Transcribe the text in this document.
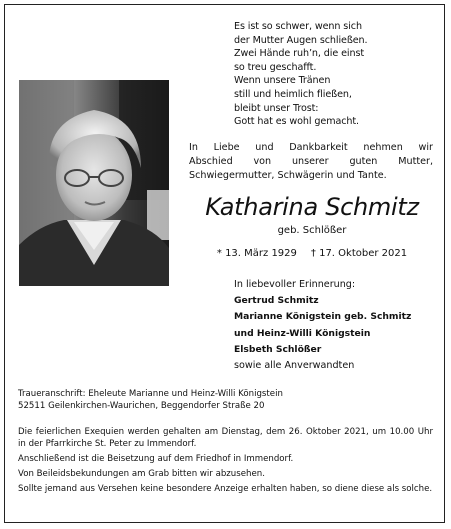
Es ist so schwer, wenn sich
der Mutter Augen schließen.
Zwei Hände ruh’n, die einst
so treu geschafft.
Wenn unsere Tränen
still und heimlich fließen,
bleibt unser Trost:
Gott hat es wohl gemacht.
In Liebe und Dankbarkeit nehmen wir
Abschied von unserer guten Mutter,
Schwiegermutter, Schwägerin und Tante.
Katharina Schmitz
geb. Schlößer
* 13. März 1929 † 17. Oktober 2021
In liebevoller Erinnerung:
Gertrud Schmitz
Marianne Königstein geb. Schmitz
und Heinz-Willi Königstein
Elsbeth Schlößer
sowie alle Anverwandten
Traueranschrift: Eheleute Marianne und Heinz-Willi Königstein
52511 Geilenkirchen-Waurichen, Beggendorfer Straße 20

Die feierlichen Exequien werden gehalten am Dienstag, dem 26. Oktober 2021, um 10.00 Uhr in der Pfarrkirche St. Peter zu Immendorf.

Anschließend ist die Beisetzung auf dem Friedhof in Immendorf.

Von Beileidsbekundungen am Grab bitten wir abzusehen.

Sollte jemand aus Versehen keine besondere Anzeige erhalten haben, so diene diese als solche.
